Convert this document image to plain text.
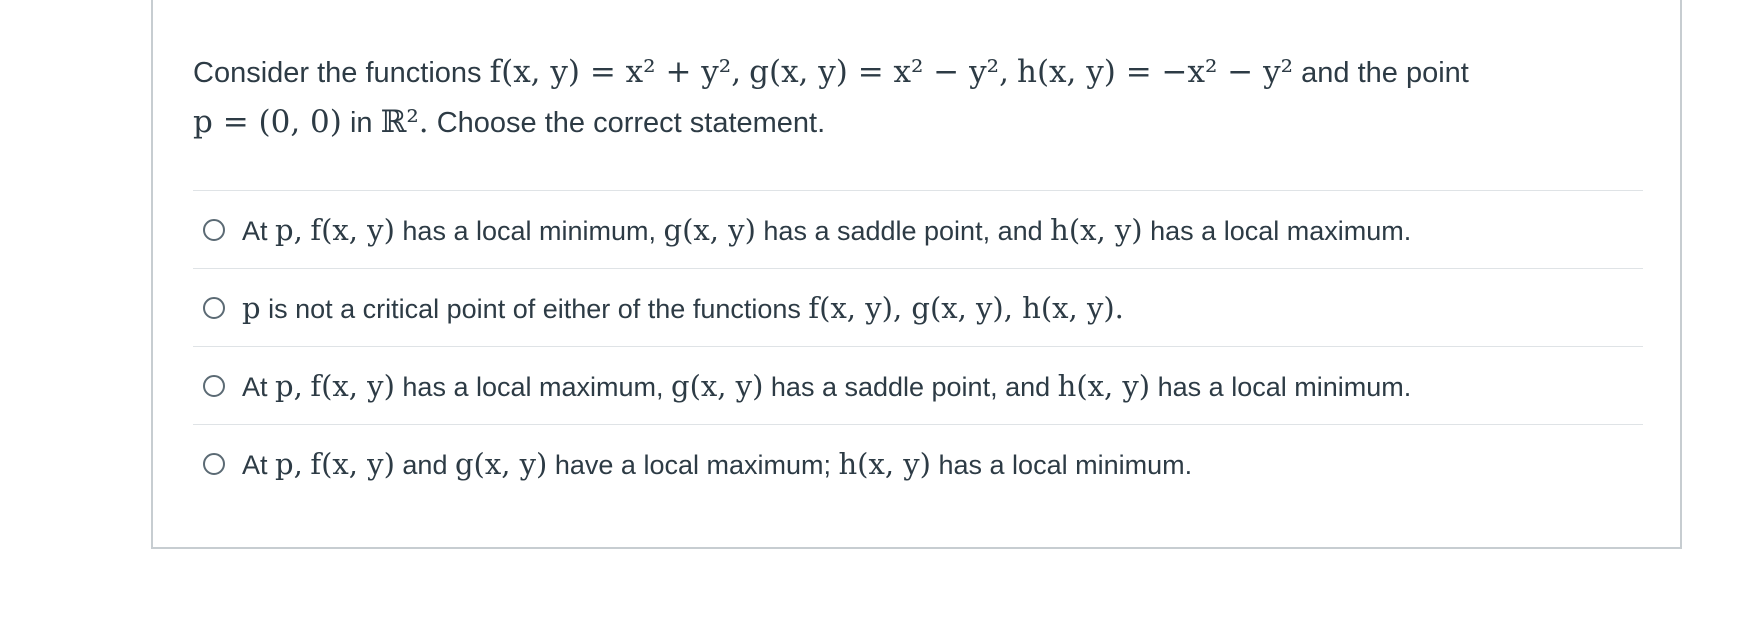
Consider the functions f(x, y) = x² + y², g(x, y) = x² − y², h(x, y) = −x² − y² and the point
p = (0, 0) in ℝ². Choose the correct statement.
At p, f(x, y) has a local minimum, g(x, y) has a saddle point, and h(x, y) has a local maximum.
p is not a critical point of either of the functions f(x, y), g(x, y), h(x, y).
At p, f(x, y) has a local maximum, g(x, y) has a saddle point, and h(x, y) has a local minimum.
At p, f(x, y) and g(x, y) have a local maximum; h(x, y) has a local minimum.
